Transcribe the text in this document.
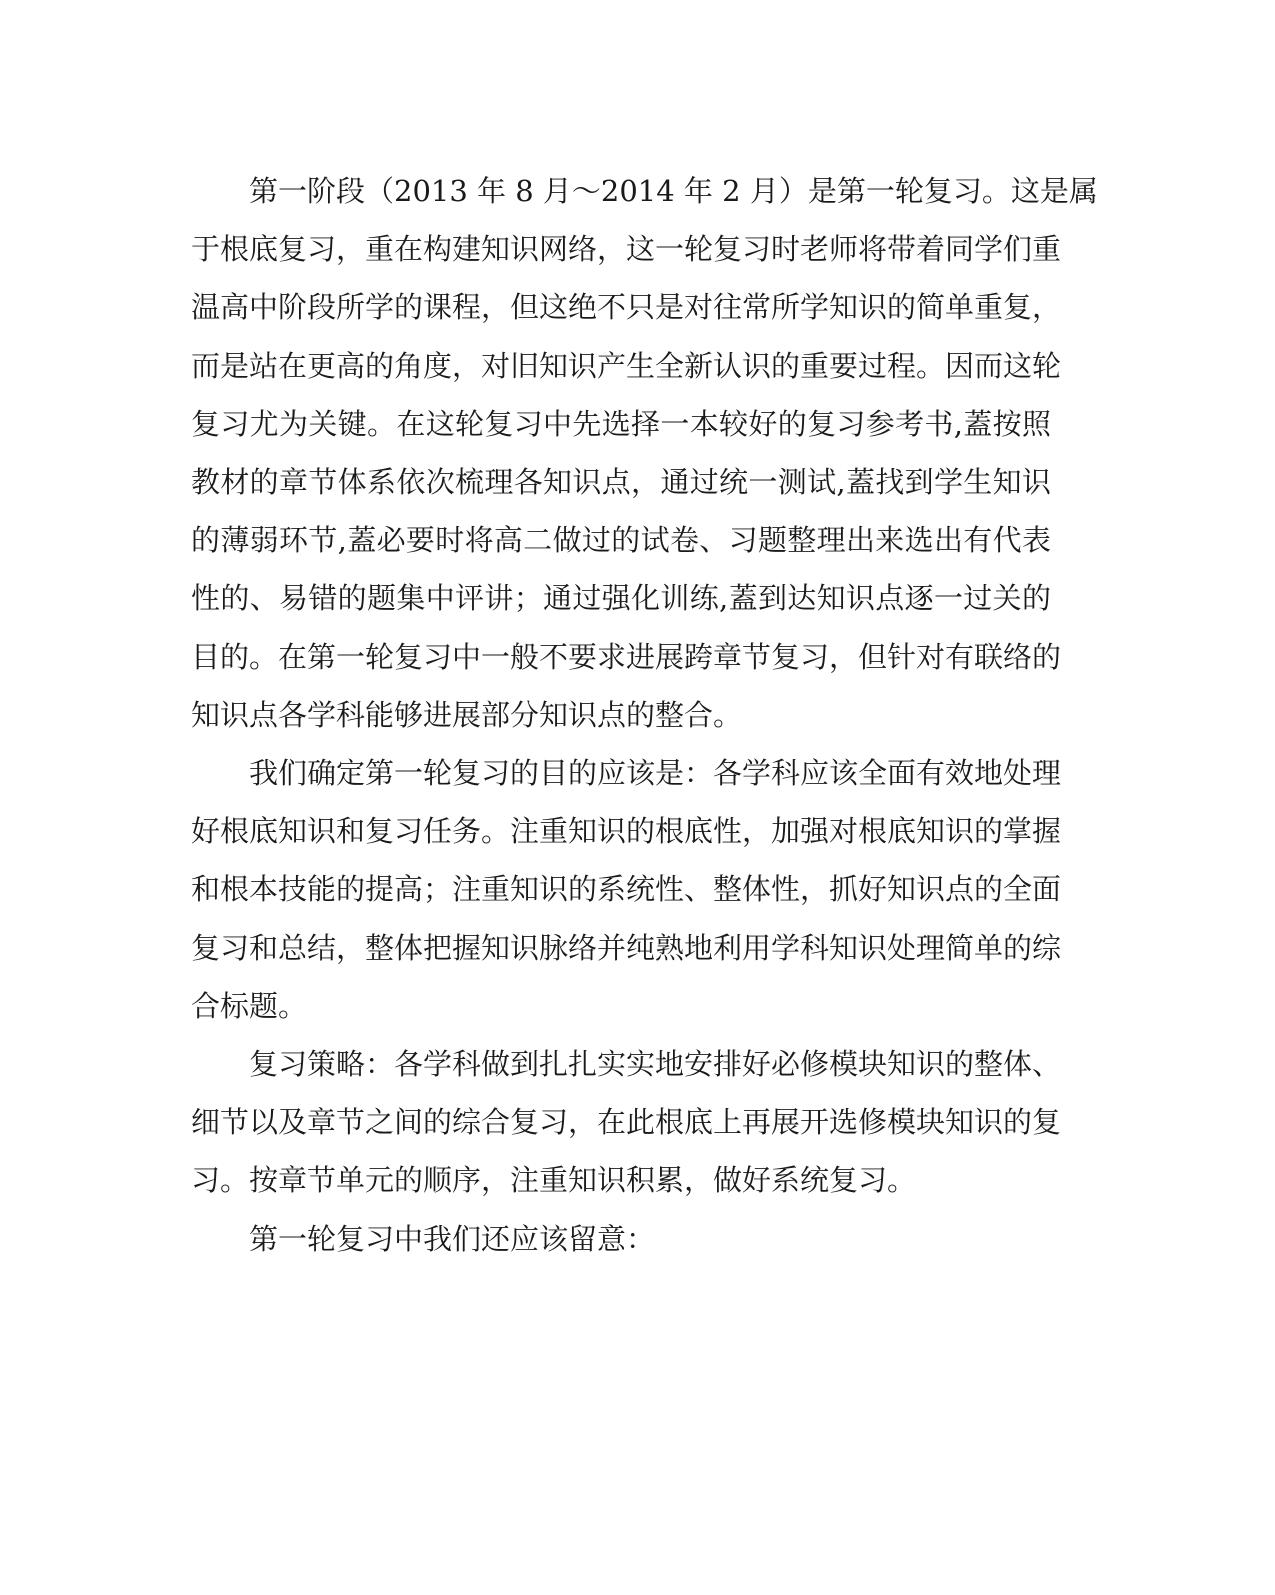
第一阶段（2013 年 8 月～2014 年 2 月）是第一轮复习。这是属
于根底复习，重在构建知识网络，这一轮复习时老师将带着同学们重
温高中阶段所学的课程，但这绝不只是对往常所学知识的简单重复，
而是站在更高的角度，对旧知识产生全新认识的重要过程。因而这轮
复习尤为关键。在这轮复习中先选择一本较好的复习参考书,蓋按照
教材的章节体系依次梳理各知识点，通过统一测试,蓋找到学生知识
的薄弱环节,蓋必要时将高二做过的试卷、习题整理出来选出有代表
性的、易错的题集中评讲；通过强化训练,蓋到达知识点逐一过关的
目的。在第一轮复习中一般不要求进展跨章节复习，但针对有联络的
知识点各学科能够进展部分知识点的整合。

我们确定第一轮复习的目的应该是：各学科应该全面有效地处理
好根底知识和复习任务。注重知识的根底性，加强对根底知识的掌握
和根本技能的提高；注重知识的系统性、整体性，抓好知识点的全面
复习和总结，整体把握知识脉络并纯熟地利用学科知识处理简单的综
合标题。

复习策略：各学科做到扎扎实实地安排好必修模块知识的整体、
细节以及章节之间的综合复习，在此根底上再展开选修模块知识的复
习。按章节单元的顺序，注重知识积累，做好系统复习。

第一轮复习中我们还应该留意：
